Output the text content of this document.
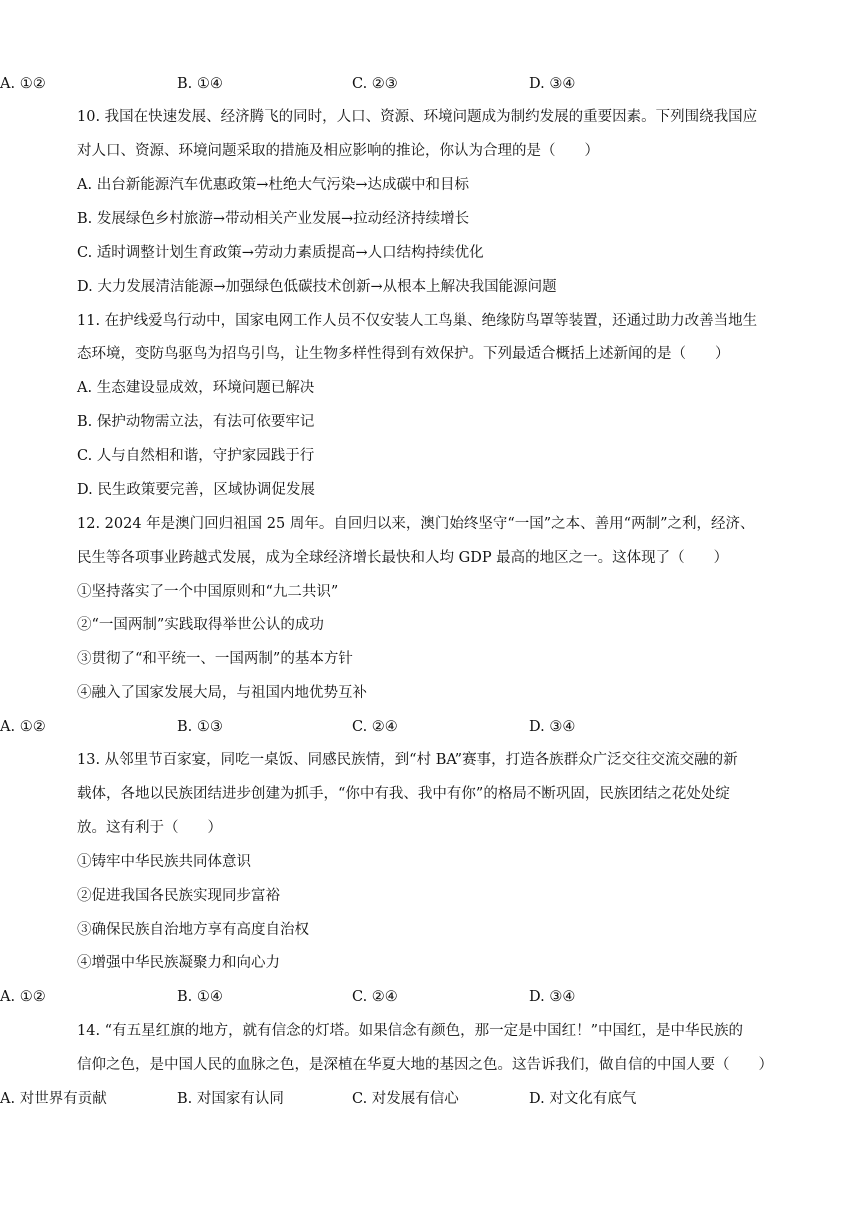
A. ①②	B. ①④	C. ②③	D. ③④
10. 我国在快速发展、经济腾飞的同时，人口、资源、环境问题成为制约发展的重要因素。下列围绕我国应
对人口、资源、环境问题采取的措施及相应影响的推论，你认为合理的是（　　）
A. 出台新能源汽车优惠政策→杜绝大气污染→达成碳中和目标
B. 发展绿色乡村旅游→带动相关产业发展→拉动经济持续增长
C. 适时调整计划生育政策→劳动力素质提高→人口结构持续优化
D. 大力发展清洁能源→加强绿色低碳技术创新→从根本上解决我国能源问题
11. 在护线爱鸟行动中，国家电网工作人员不仅安装人工鸟巢、绝缘防鸟罩等装置，还通过助力改善当地生
态环境，变防鸟驱鸟为招鸟引鸟，让生物多样性得到有效保护。下列最适合概括上述新闻的是（　　）
A. 生态建设显成效，环境问题已解决
B. 保护动物需立法，有法可依要牢记
C. 人与自然相和谐，守护家园践于行
D. 民生政策要完善，区域协调促发展
12. 2024 年是澳门回归祖国 25 周年。自回归以来，澳门始终坚守“一国”之本、善用“两制”之利，经济、
民生等各项事业跨越式发展，成为全球经济增长最快和人均 GDP 最高的地区之一。这体现了（　　）
①坚持落实了一个中国原则和“九二共识”
②“一国两制”实践取得举世公认的成功
③贯彻了“和平统一、一国两制”的基本方针
④融入了国家发展大局，与祖国内地优势互补
A. ①②	B. ①③	C. ②④	D. ③④
13. 从邻里节百家宴，同吃一桌饭、同感民族情，到“村 BA”赛事，打造各族群众广泛交往交流交融的新
载体，各地以民族团结进步创建为抓手，“你中有我、我中有你”的格局不断巩固，民族团结之花处处绽
放。这有利于（　　）
①铸牢中华民族共同体意识
②促进我国各民族实现同步富裕
③确保民族自治地方享有高度自治权
④增强中华民族凝聚力和向心力
A. ①②	B. ①④	C. ②④	D. ③④
14. “有五星红旗的地方，就有信念的灯塔。如果信念有颜色，那一定是中国红！”中国红，是中华民族的
信仰之色，是中国人民的血脉之色，是深植在华夏大地的基因之色。这告诉我们，做自信的中国人要（　　）
A. 对世界有贡献	B. 对国家有认同	C. 对发展有信心	D. 对文化有底气
